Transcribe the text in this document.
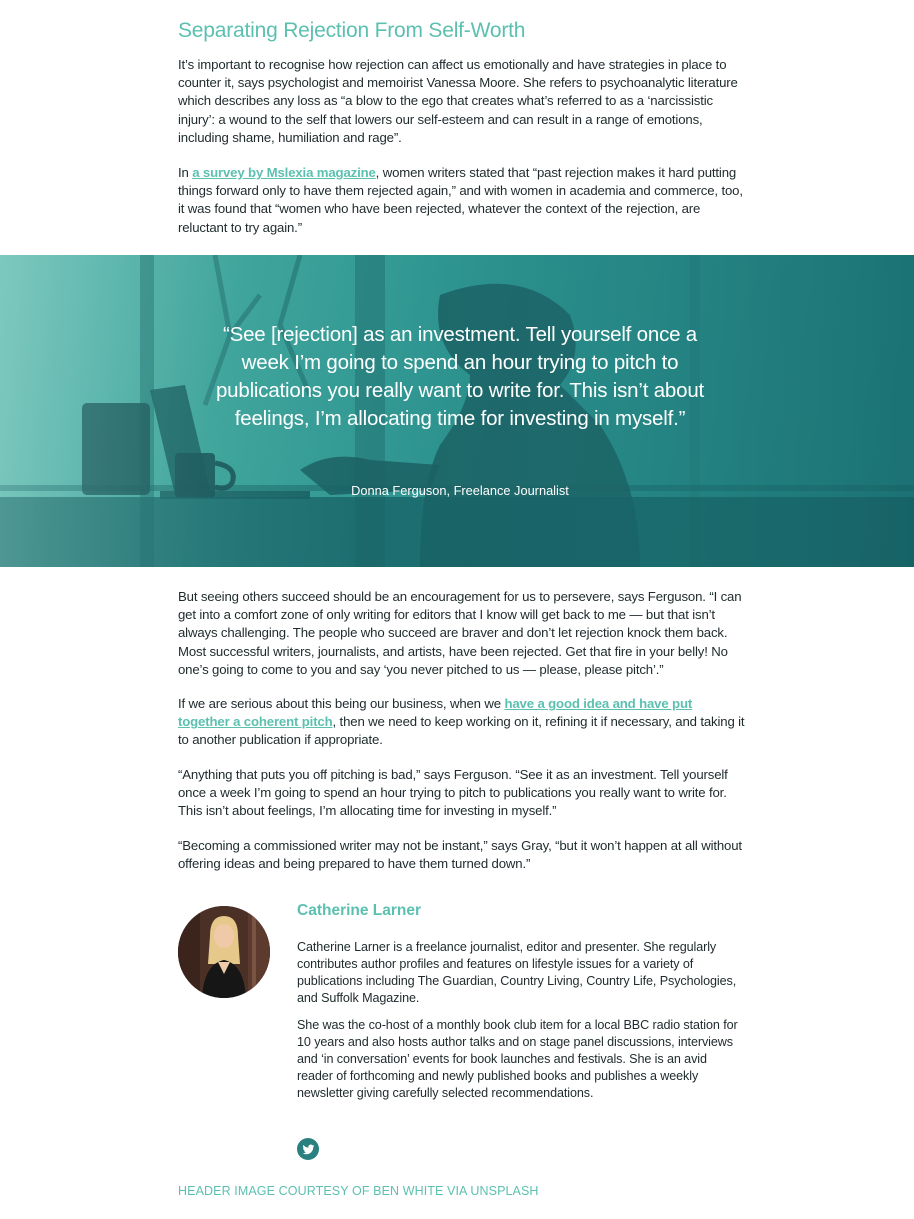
Separating Rejection From Self-Worth

It’s important to recognise how rejection can affect us emotionally and have strategies in place to counter it, says psychologist and memoirist Vanessa Moore. She refers to psychoanalytic literature which describes any loss as “a blow to the ego that creates what’s referred to as a ‘narcissistic injury’: a wound to the self that lowers our self-esteem and can result in a range of emotions, including shame, humiliation and rage”.

In a survey by Mslexia magazine, women writers stated that “past rejection makes it hard putting things forward only to have them rejected again,” and with women in academia and commerce, too, it was found that “women who have been rejected, whatever the context of the rejection, are reluctant to try again.”

“See [rejection] as an investment. Tell yourself once a week I’m going to spend an hour trying to pitch to publications you really want to write for. This isn’t about feelings, I’m allocating time for investing in myself.”

Donna Ferguson, Freelance Journalist

But seeing others succeed should be an encouragement for us to persevere, says Ferguson. “I can get into a comfort zone of only writing for editors that I know will get back to me — but that isn’t always challenging. The people who succeed are braver and don’t let rejection knock them back. Most successful writers, journalists, and artists, have been rejected. Get that fire in your belly! No one’s going to come to you and say ‘you never pitched to us — please, please pitch’.”

If we are serious about this being our business, when we have a good idea and have put together a coherent pitch, then we need to keep working on it, refining it if necessary, and taking it to another publication if appropriate.

“Anything that puts you off pitching is bad,” says Ferguson. “See it as an investment. Tell yourself once a week I’m going to spend an hour trying to pitch to publications you really want to write for. This isn’t about feelings, I’m allocating time for investing in myself.”

“Becoming a commissioned writer may not be instant,” says Gray, “but it won’t happen at all without offering ideas and being prepared to have them turned down.”

Catherine Larner

Catherine Larner is a freelance journalist, editor and presenter. She regularly contributes author profiles and features on lifestyle issues for a variety of publications including The Guardian, Country Living, Country Life, Psychologies, and Suffolk Magazine.

She was the co-host of a monthly book club item for a local BBC radio station for 10 years and also hosts author talks and on stage panel discussions, interviews and ‘in conversation’ events for book launches and festivals. She is an avid reader of forthcoming and newly published books and publishes a weekly newsletter giving carefully selected recommendations.

HEADER IMAGE COURTESY OF BEN WHITE VIA UNSPLASH
